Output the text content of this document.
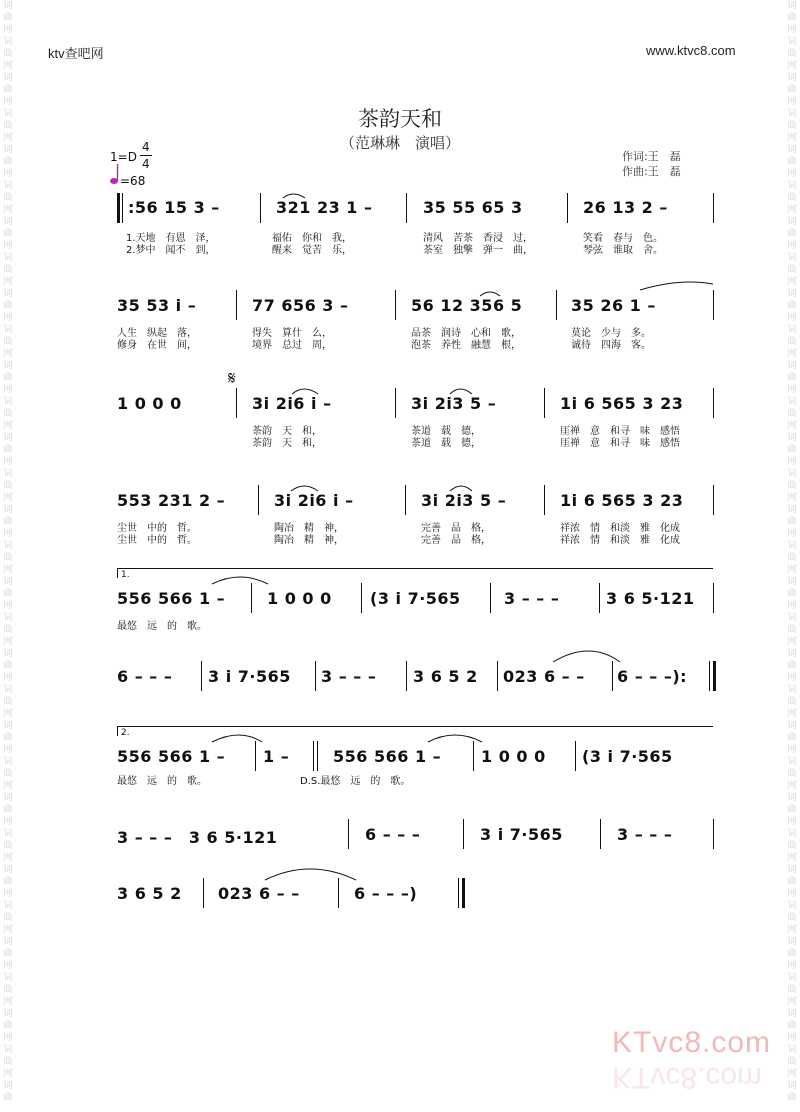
词
曲
网
词
曲
网
词
曲
网
词
曲
网
词
曲
网
词
曲
网
词
曲
网
词
曲
网
词
曲
网
词
曲
网
词
曲
网
词
曲
网
词
曲
网
词
曲
网
词
曲
网
词
曲
网
词
曲
网
词
曲
网
词
曲
网
词
曲
网
词
曲
网
词
曲
网
词
曲
网
词
曲
网
词
曲
网
词
曲
网
词
曲
网
词
曲
网
词
曲
网
词
曲
网
词
曲
词
曲
网
词
曲
网
词
曲
网
词
曲
网
词
曲
网
词
曲
网
词
曲
网
词
曲
网
词
曲
网
词
曲
网
词
曲
网
词
曲
网
词
曲
网
词
曲
网
词
曲
网
词
曲
网
词
曲
网
词
曲
网
词
曲
网
词
曲
网
词
曲
网
词
曲
网
词
曲
网
词
曲
网
词
曲
网
词
曲
网
词
曲
网
词
曲
网
词
曲
网
词
曲
网
词
曲
ktv查吧网	www.ktvc8.com
茶韵天和
（范琳琳　演唱）
1=D
4
4
=68
作词:王　磊
作曲:王　磊
:56 15 3 –	321 23 1 –	35 55 65 3	26 13 2 –
1.天地　有恩　泽，	福佑　你和　我，	清风　苦茶　香浸　过，	笑看　春与　色。
2.梦中　闻不　到，	醒来　觉苦　乐，	茶室　独擎　弹一　曲，	琴弦　谁取　舍。
35 53 i –	77 656 3 –	56 12 356 5	35 26 1 –
人生　纵起　落，	得失　算什　么，	品茶　润诗　心和　歌，	莫论　少与　多。
修身　在世　间，	境界　总过　周，	泡茶　养性　融慧　根，	诚待　四海　客。
1 0 0 0
𝄋
3i 2i6 i –	3i 2i3 5 –	1i 6 565 3 23
茶韵　天　和，	茶道　载　德，	厓禅　意　和寻　味　感悟
茶韵　天　和，	茶道　载　德，	厓禅　意　和寻　味　感悟
553 231 2 –	3i 2i6 i –	3i 2i3 5 –	1i 6 565 3 23
尘世　中的　哲。	陶冶　精　神，	完善　品　格，	祥浓　情　和淡　雅　化成
尘世　中的　哲。	陶冶　精　神，	完善　品　格，	祥浓　情　和淡　雅　化成
1.
556 566 1 –	1 0 0 0 (3 i 7·565	3 – – –	3 6 5·121
最悠　远　的　歌。
6 – – – 3 i 7·565 3 – – – 3 6 5 2 023 6 – – 6 – – –):
2.
556 566 1 – 1 –	556 566 1 – 1 0 0 0 (3 i 7·565
最悠　远　的　歌。	D.S.最悠　远　的　歌。
3 – – –　3 6 5·121	6 – – –	3 i 7·565	3 – – –
3 6 5 2 023 6 – –	6 – – –)
KTvc8.com
KTvc8.com
